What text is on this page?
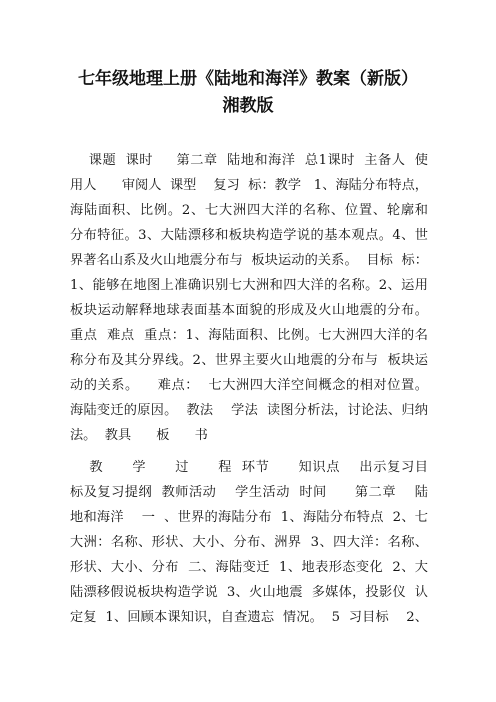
七年级地理上册《陆地和海洋》教案（新版）
湘教版
课题  课时     第二章  陆地和海洋  总1课时  主备人  使
用人      审阅人  课型    复习  标：教学   1、海陆分布特点，
海陆面积、比例。2、七大洲四大洋的名称、位置、轮廓和
分布特征。3、大陆漂移和板块构造学说的基本观点。4、世
界著名山系及火山地震分布与  板块运动的关系。  目标  标：
1、能够在地图上准确识别七大洲和四大洋的名称。2、运用
板块运动解释地球表面基本面貌的形成及火山地震的分布。
重点  难点  重点：1、海陆面积、比例。七大洲四大洋的名
称分布及其分界线。2、世界主要火山地震的分布与  板块运
动的关系。    难点：  七大洲四大洋空间概念的相对位置。
海陆变迁的原因。  教法    学法  读图分析法，讨论法、归纳
法。  教具      板      书
教      学      过      程  环节      知识点    出示复习目
标及复习提纲  教师活动    学生活动  时间      第二章    陆
地和海洋    一  、世界的海陆分布  1、海陆分布特点  2、七
大洲：名称、形状、大小、分布、洲界  3、四大洋：名称、
形状、大小、分布  二、海陆变迁  1、地表形态变化  2、大
陆漂移假说板块构造学说  3、火山地震  多媒体，投影仪  认
定复  1、回顾本课知识，自查遗忘  情况。  5  习目标    2、
